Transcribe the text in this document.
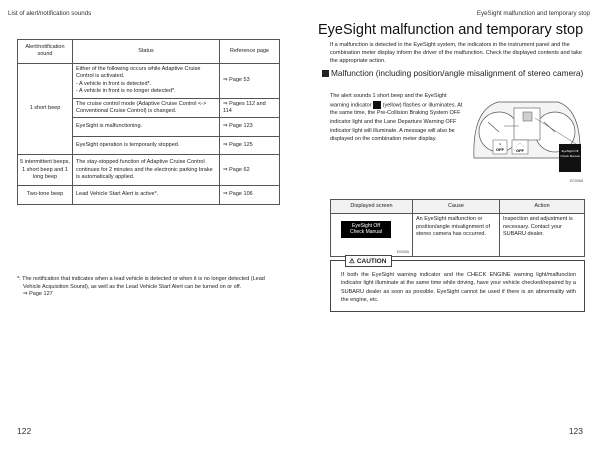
List of alert/notification sounds
Alert/notification sound	Status	Reference page
1 short beep	Either of the following occurs while Adaptive Cruise Control is activated.
- A vehicle in front is detected*.
- A vehicle in front is no longer detected*.	⇒ Page 53
	The cruise control mode (Adaptive Cruise Control <-> Conventional Cruise Control) is changed.	⇒ Pages 112 and 114
	EyeSight is malfunctioning.	⇒ Page 123
	EyeSight operation is temporarily stopped.	⇒ Page 125
5 intermittent beeps, 1 short beep and 1 long beep	The stay-stopped function of Adaptive Cruise Control continues for 2 minutes and the electronic parking brake is automatically applied.	⇒ Page 62
Two-tone beep	Lead Vehicle Start Alert is active*.	⇒ Page 106
*: The notification that indicates when a lead vehicle is detected or when it is no longer detected (Lead Vehicle Acquisition Sound), as well as the Lead Vehicle Start Alert can be turned on or off.
⇒ Page 127
122
EyeSight malfunction and temporary stop
123
EyeSight malfunction and temporary stop
If a malfunction is detected in the EyeSight system, the indicators in the instrument panel and the combination meter display inform the driver of the malfunction. Check the displayed contents and take the appropriate action.
Malfunction (including position/angle misalignment of stereo camera)
The alert sounds 1 short beep and the EyeSight warning indicator (yellow) flashes or illuminates. At the same time, the Pre-Collision Braking System OFF indicator light and the Lane Departure Warning OFF indicator light will illuminate. A message will also be displayed on the combination meter display.
OFF
ᵌ	⋰⋱
OFF	EyeSight Off
Check Manual
E03968
Displayed screen	Cause	Action

EyeSight Off
Check Manual
E03055	An EyeSight malfunction or position/angle misalignment of stereo camera has occurred.	Inspection and adjustment is necessary. Contact your SUBARU dealer.
⚠ CAUTION
If both the EyeSight warning indicator and the CHECK ENGINE warning light/malfunction indicator light illuminate at the same time while driving, have your vehicle checked/repaired by a SUBARU dealer as soon as possible. EyeSight cannot be used if there is an abnormality with the engine, etc.
